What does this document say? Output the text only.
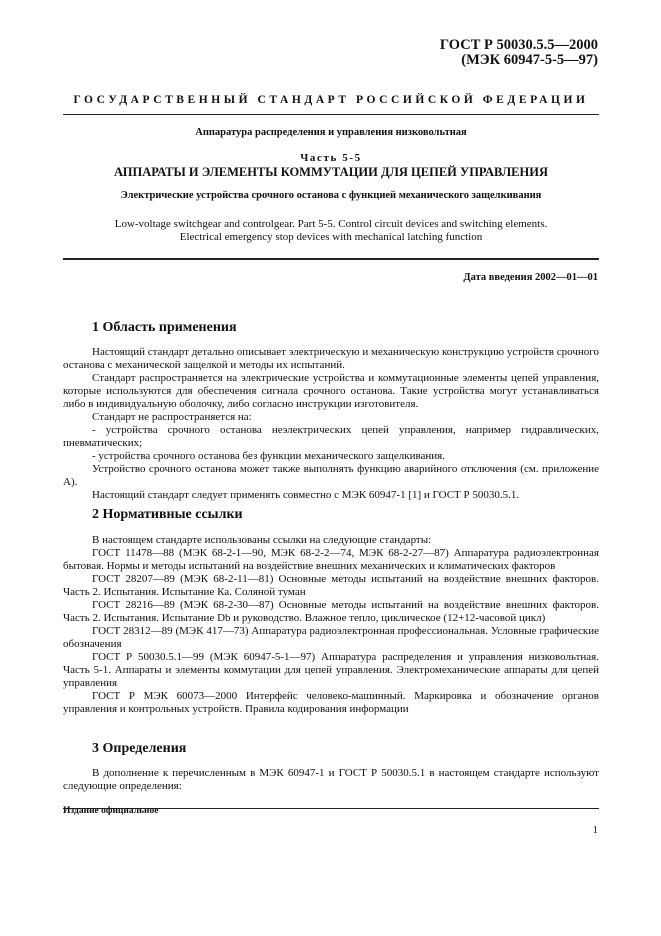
ГОСТ Р 50030.5.5—2000
(МЭК 60947-5-5—97)
ГОСУДАРСТВЕННЫЙ СТАНДАРТ РОССИЙСКОЙ ФЕДЕРАЦИИ
Аппаратура распределения и управления низковольтная
Часть 5-5
АППАРАТЫ И ЭЛЕМЕНТЫ КОММУТАЦИИ ДЛЯ ЦЕПЕЙ УПРАВЛЕНИЯ
Электрические устройства срочного останова с функцией механического защелкивания
Low-voltage switchgear and controlgear. Part 5-5. Control circuit devices and switching elements.
Electrical emergency stop devices with mechanical latching function
Дата введения 2002—01—01
1 Область применения

Настоящий стандарт детально описывает электрическую и механическую конструкцию устройств срочного останова с механической защелкой и методы их испытаний.

Стандарт распространяется на электрические устройства и коммутационные элементы цепей управления, которые используются для обеспечения сигнала срочного останова. Такие устройства могут устанавливаться либо в индивидуальную оболочку, либо согласно инструкции изготовителя.

Стандарт не распространяется на:

- устройства срочного останова неэлектрических цепей управления, например гидравлических, пневматических;

- устройства срочного останова без функции механического защелкивания.

Устройство срочного останова может также выполнять функцию аварийного отключения (см. приложение А).

Настоящий стандарт следует применять совместно с МЭК 60947-1 [1] и ГОСТ Р 50030.5.1.

2 Нормативные ссылки

В настоящем стандарте использованы ссылки на следующие стандарты:

ГОСТ 11478—88 (МЭК 68-2-1—90, МЭК 68-2-2—74, МЭК 68-2-27—87) Аппаратура радиоэлектронная бытовая. Нормы и методы испытаний на воздействие внешних механических и климатических факторов

ГОСТ 28207—89 (МЭК 68-2-11—81) Основные методы испытаний на воздействие внешних факторов. Часть 2. Испытания. Испытание Ка. Соляной туман

ГОСТ 28216—89 (МЭК 68-2-30—87) Основные методы испытаний на воздействие внешних факторов. Часть 2. Испытания. Испытание Db и руководство. Влажное тепло, циклическое (12+12-часовой цикл)

ГОСТ 28312—89 (МЭК 417—73) Аппаратура радиоэлектронная профессиональная. Условные графические обозначения

ГОСТ Р 50030.5.1—99 (МЭК 60947-5-1—97) Аппаратура распределения и управления низковольтная. Часть 5-1. Аппараты и элементы коммутации для цепей управления. Электромеханические аппараты для цепей управления

ГОСТ Р МЭК 60073—2000 Интерфейс человеко-машинный. Маркировка и обозначение органов управления и контрольных устройств. Правила кодирования информации

3 Определения

В дополнение к перечисленным в МЭК 60947-1 и ГОСТ Р 50030.5.1 в настоящем стандарте используют следующие определения:

Издание официальное
1
